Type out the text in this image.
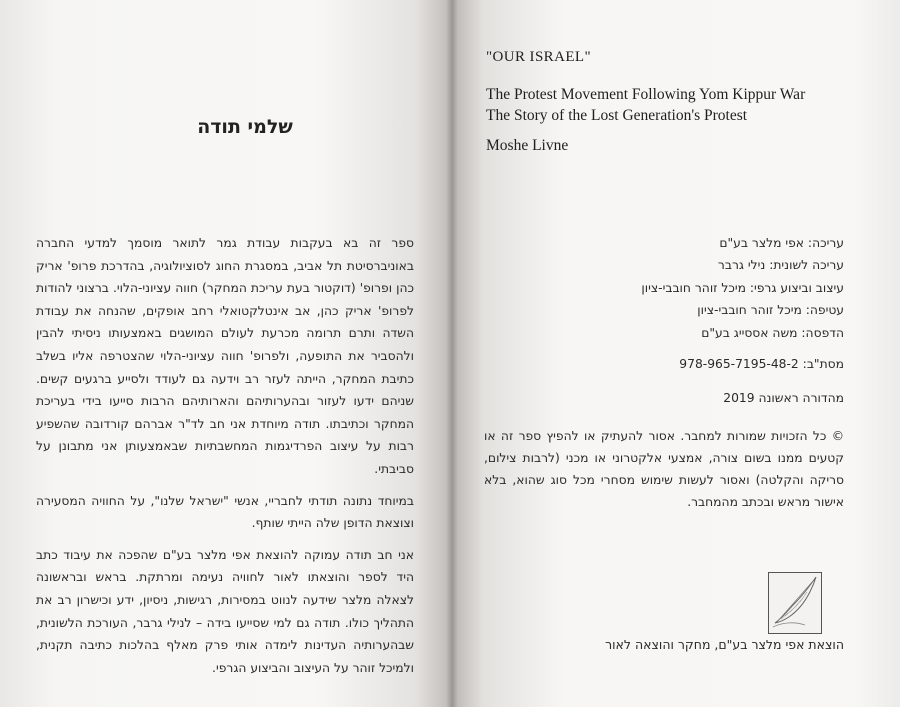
שלמי תודה

ספר זה בא בעקבות עבודת גמר לתואר מוסמך למדעי החברה באוניברסיטת תל אביב, במסגרת החוג לסוציולוגיה, בהדרכת פרופ' אריק כהן ופרופ' (דוקטור בעת עריכת המחקר) חווה עציוני-הלוי. ברצוני להודות לפרופ' אריק כהן, אב אינטלקטואלי רחב אופקים, שהנחה את עבודת השדה ותרם תרומה מכרעת לעולם המושגים באמצעותו ניסיתי להבין ולהסביר את התופעה, ולפרופ' חווה עציוני-הלוי שהצטרפה אליו בשלב כתיבת המחקר, הייתה לעזר רב וידעה גם לעודד ולסייע ברגעים קשים. שניהם ידעו לעזור ובהערותיהם והארותיהם הרבות סייעו בידי בעריכת המחקר וכתיבתו. תודה מיוחדת אני חב לד"ר אברהם קורדובה שהשפיע רבות על עיצוב הפרדיגמות המחשבתיות שבאמצעותן אני מתבונן על סביבתי.

במיוחד נתונה תודתי לחבריי, אנשי "ישראל שלנו", על החוויה המסעירה וצוצאת הדופן שלה הייתי שותף.

אני חב תודה עמוקה להוצאת אפי מלצר בע"ם שהפכה את עיבוד כתב היד לספר והוצאתו לאור לחוויה נעימה ומרתקת. בראש ובראשונה לצאלה מלצר שידעה לנווט במסירות, רגישות, ניסיון, ידע וכישרון רב את התהליך כולו. תודה גם למי שסייעו בידה – לנילי גרבר, העורכת הלשונית, שבהערותיה העדינות לימדה אותי פרק מאלף בהלכות כתיבה תקנית, ולמיכל זוהר על העיצוב והביצוע הגרפי.

"OUR ISRAEL"
The Protest Movement Following Yom Kippur War
The Story of the Lost Generation's Protest
Moshe Livne
עריכה: אפי מלצר בע"ם
עריכה לשונית: נילי גרבר
עיצוב וביצוע גרפי: מיכל זוהר חובבי-ציון
עטיפה: מיכל זוהר חובבי-ציון
הדפסה: משה אססייג בע"ם
מסת"ב: 978-965-7195-48-2
מהדורה ראשונה 2019
© כל הזכויות שמורות למחבר. אסור להעתיק או להפיץ ספר זה או קטעים ממנו בשום צורה, אמצעי אלקטרוני או מכני (לרבות צילום, סריקה והקלטה) ואסור לעשות שימוש מסחרי מכל סוג שהוא, בלא אישור מראש ובכתב מהמחבר.
הוצאת אפי מלצר בע"ם, מחקר והוצאה לאור
